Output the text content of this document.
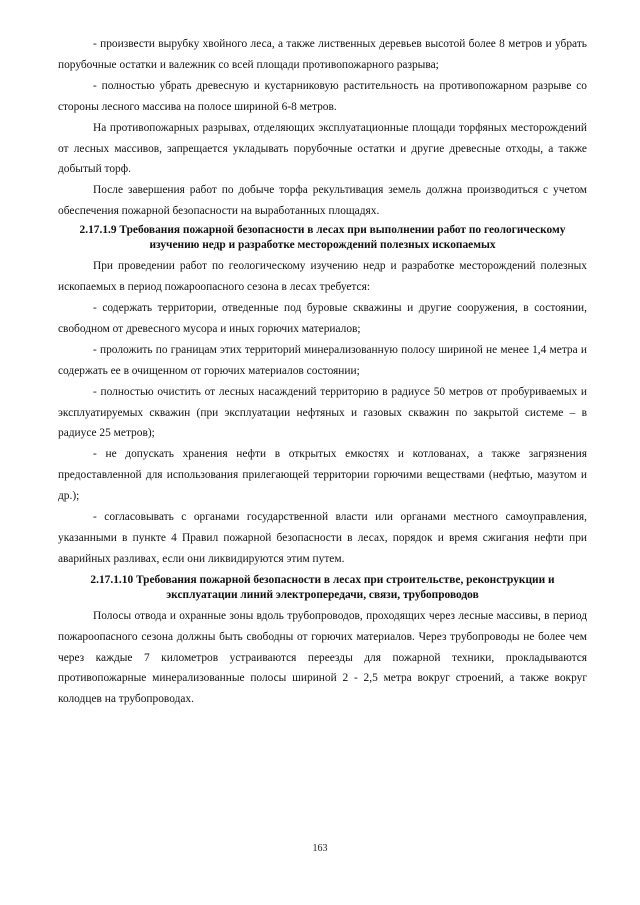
- произвести вырубку хвойного леса, а также лиственных деревьев высотой более 8 метров и убрать порубочные остатки и валежник со всей площади противопожарного разрыва;

- полностью убрать древесную и кустарниковую растительность на противопожарном разрыве со стороны лесного массива на полосе шириной 6-8 метров.

На противопожарных разрывах, отделяющих эксплуатационные площади торфяных месторождений от лесных массивов, запрещается укладывать порубочные остатки и другие древесные отходы, а также добытый торф.

После завершения работ по добыче торфа рекультивация земель должна производиться с учетом обеспечения пожарной безопасности на выработанных площадях.

2.17.1.9 Требования пожарной безопасности в лесах при выполнении работ по геологическому изучению недр и разработке месторождений полезных ископаемых

При проведении работ по геологическому изучению недр и разработке месторождений полезных ископаемых в период пожароопасного сезона в лесах требуется:

- содержать территории, отведенные под буровые скважины и другие сооружения, в состоянии, свободном от древесного мусора и иных горючих материалов;

- проложить по границам этих территорий минерализованную полосу шириной не менее 1,4 метра и содержать ее в очищенном от горючих материалов состоянии;

- полностью очистить от лесных насаждений территорию в радиусе 50 метров от пробуриваемых и эксплуатируемых скважин (при эксплуатации нефтяных и газовых скважин по закрытой системе – в радиусе 25 метров);

- не допускать хранения нефти в открытых емкостях и котлованах, а также загрязнения предоставленной для использования прилегающей территории горючими веществами (нефтью, мазутом и др.);

- согласовывать с органами государственной власти или органами местного самоуправления, указанными в пункте 4 Правил пожарной безопасности в лесах, порядок и время сжигания нефти при аварийных разливах, если они ликвидируются этим путем.

2.17.1.10 Требования пожарной безопасности в лесах при строительстве, реконструкции и эксплуатации линий электропередачи, связи, трубопроводов

Полосы отвода и охранные зоны вдоль трубопроводов, проходящих через лесные массивы, в период пожароопасного сезона должны быть свободны от горючих материалов. Через трубопроводы не более чем через каждые 7 километров устраиваются переезды для пожарной техники, прокладываются противопожарные минерализованные полосы шириной 2 - 2,5 метра вокруг строений, а также вокруг колодцев на трубопроводах.

163
